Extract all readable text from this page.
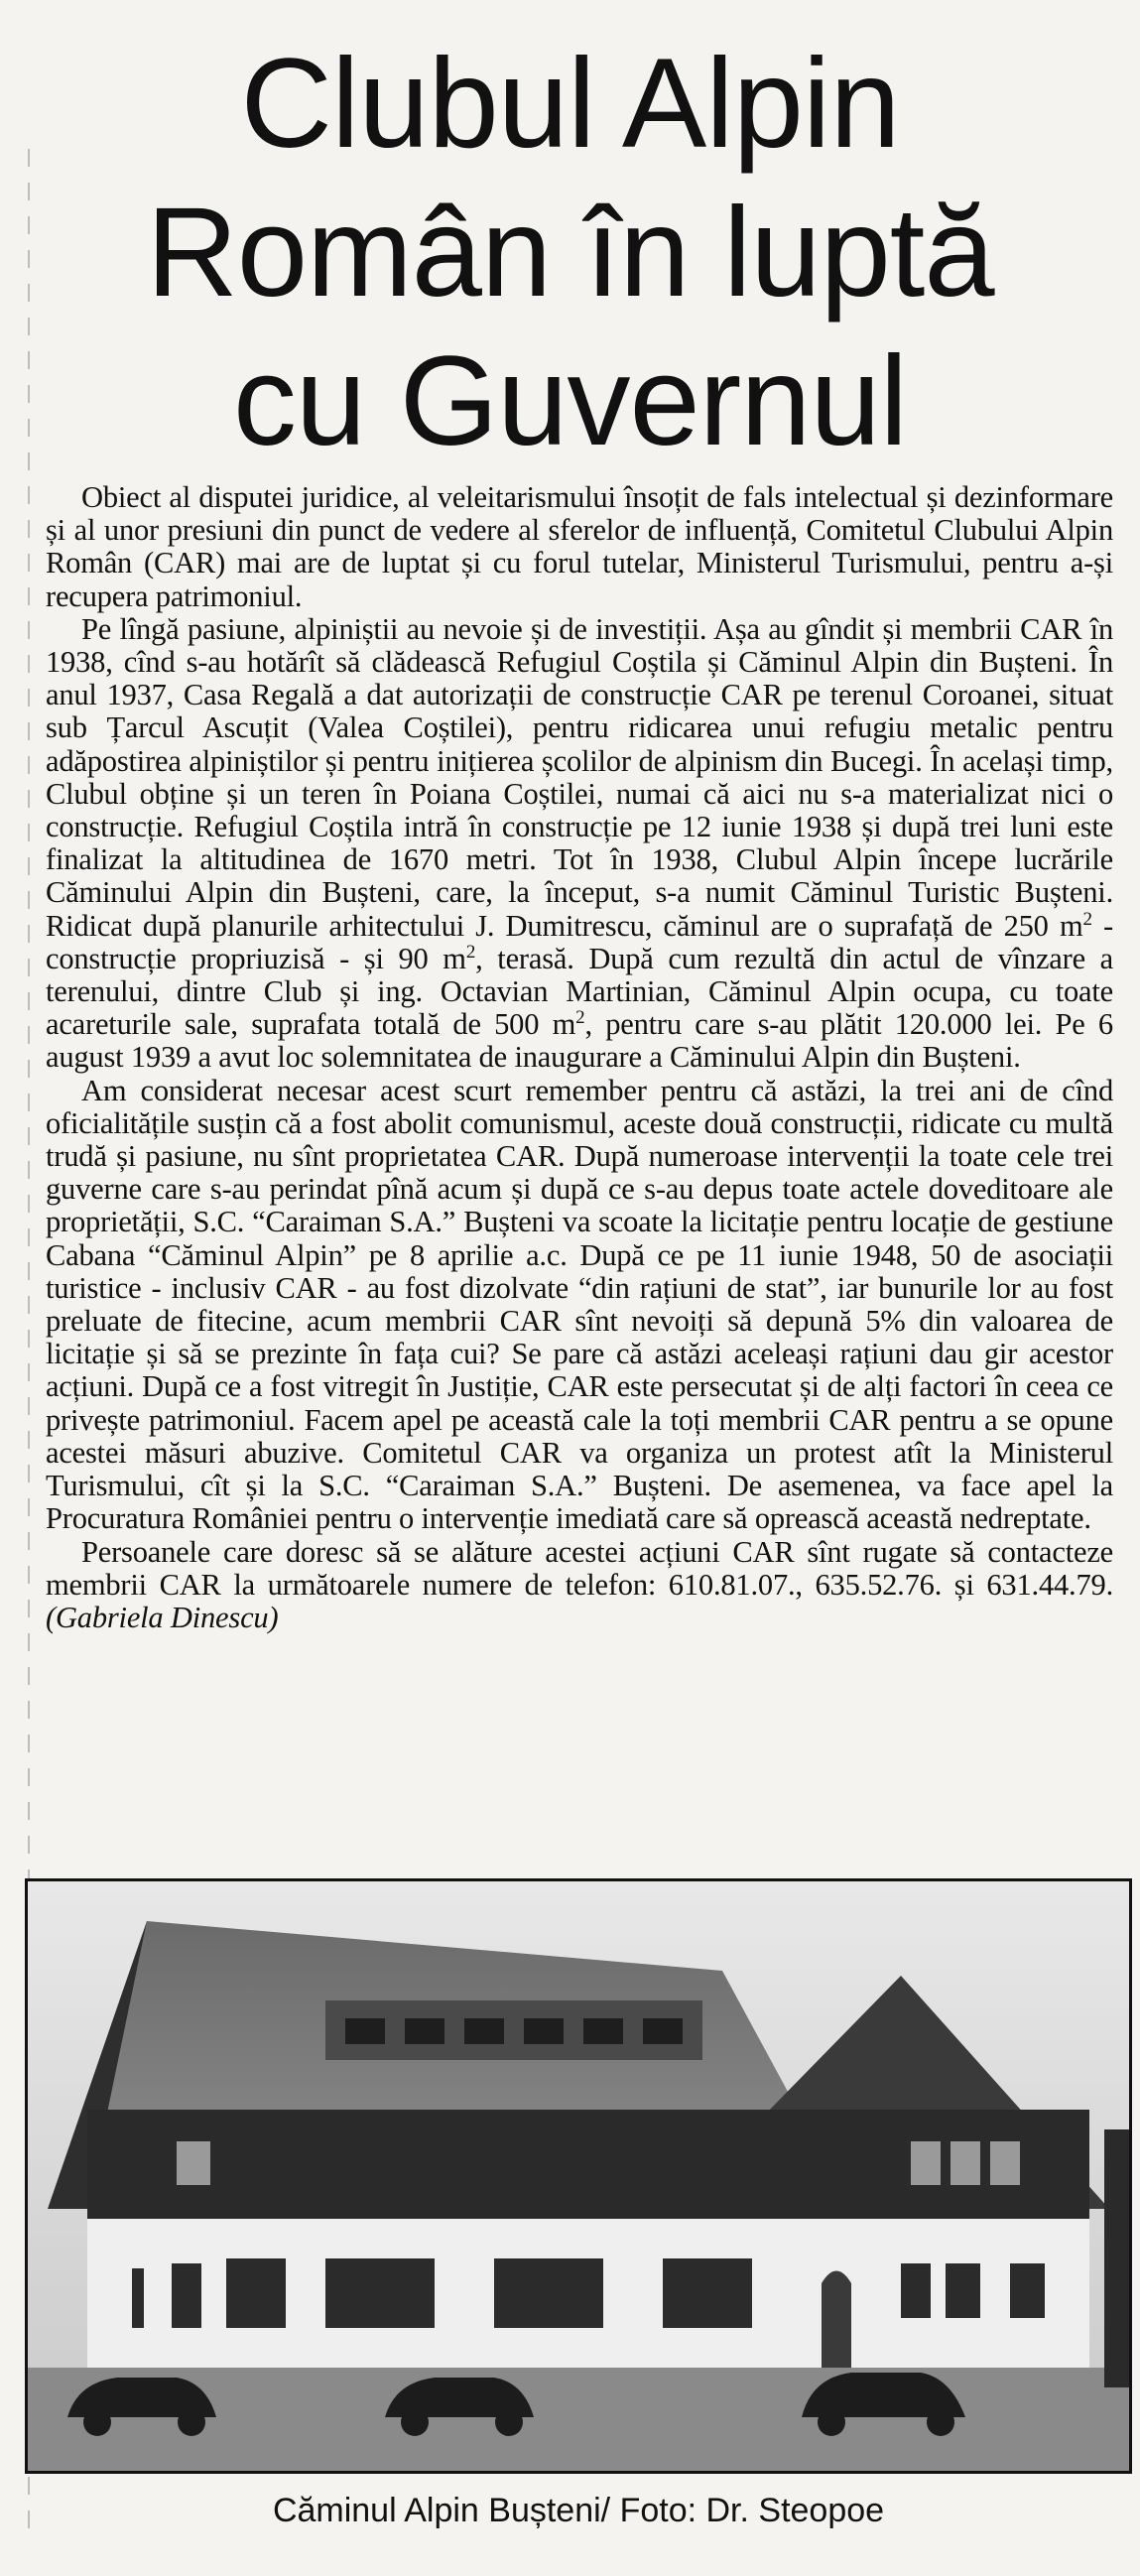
Clubul Alpin
Român în luptă
cu Guvernul

Obiect al disputei juridice, al veleitarismului însoțit de fals intelectual și dezinformare și al unor presiuni din punct de vedere al sferelor de influență, Comitetul Clubului Alpin Român (CAR) mai are de luptat și cu forul tutelar, Ministerul Turismului, pentru a-și recupera patrimoniul.

Pe lîngă pasiune, alpiniștii au nevoie și de investiții. Așa au gîndit și membrii CAR în 1938, cînd s-au hotărît să clădească Refugiul Coștila și Căminul Alpin din Bușteni. În anul 1937, Casa Regală a dat autorizații de construcție CAR pe terenul Coroanei, situat sub Țarcul Ascuțit (Valea Coștilei), pentru ridicarea unui refugiu metalic pentru adăpostirea alpiniștilor și pentru inițierea școlilor de alpinism din Bucegi. În același timp, Clubul obține și un teren în Poiana Coștilei, numai că aici nu s-a materializat nici o construcție. Refugiul Coștila intră în construcție pe 12 iunie 1938 și după trei luni este finalizat la altitudinea de 1670 metri. Tot în 1938, Clubul Alpin începe lucrările Căminului Alpin din Bușteni, care, la început, s-a numit Căminul Turistic Bușteni. Ridicat după planurile arhitectului J. Dumitrescu, căminul are o suprafață de 250 $m^2$ - construcție propriuzisă - și 90 $m^2$, terasă. După cum rezultă din actul de vînzare a terenului, dintre Club și ing. Octavian Martinian, Căminul Alpin ocupa, cu toate acareturile sale, suprafata totală de 500 $m^2$, pentru care s-au plătit 120.000 lei. Pe 6 august 1939 a avut loc solemnitatea de inaugurare a Căminului Alpin din Bușteni.

Am considerat necesar acest scurt remember pentru că astăzi, la trei ani de cînd oficialitățile susțin că a fost abolit comunismul, aceste două construcții, ridicate cu multă trudă și pasiune, nu sînt proprietatea CAR. După numeroase intervenții la toate cele trei guverne care s-au perindat pînă acum și după ce s-au depus toate actele doveditoare ale proprietății, S.C. “Caraiman S.A.” Bușteni va scoate la licitație pentru locație de gestiune Cabana “Căminul Alpin” pe 8 aprilie a.c. După ce pe 11 iunie 1948, 50 de asociații turistice - inclusiv CAR - au fost dizolvate “din rațiuni de stat”, iar bunurile lor au fost preluate de fitecine, acum membrii CAR sînt nevoiți să depună 5% din valoarea de licitație și să se prezinte în fața cui? Se pare că astăzi aceleași rațiuni dau gir acestor acțiuni. După ce a fost vitregit în Justiție, CAR este persecutat și de alți factori în ceea ce privește patrimoniul. Facem apel pe această cale la toți membrii CAR pentru a se opune acestei măsuri abuzive. Comitetul CAR va organiza un protest atît la Ministerul Turismului, cît și la S.C. “Caraiman S.A.” Bușteni. De asemenea, va face apel la Procuratura României pentru o intervenție imediată care să oprească această nedreptate.

Persoanele care doresc să se alăture acestei acțiuni CAR sînt rugate să contacteze membrii CAR la următoarele numere de telefon: 610.81.07., 635.52.76. și 631.44.79. (Gabriela Dinescu)

Căminul Alpin Bușteni/ Foto: Dr. Steopoe
